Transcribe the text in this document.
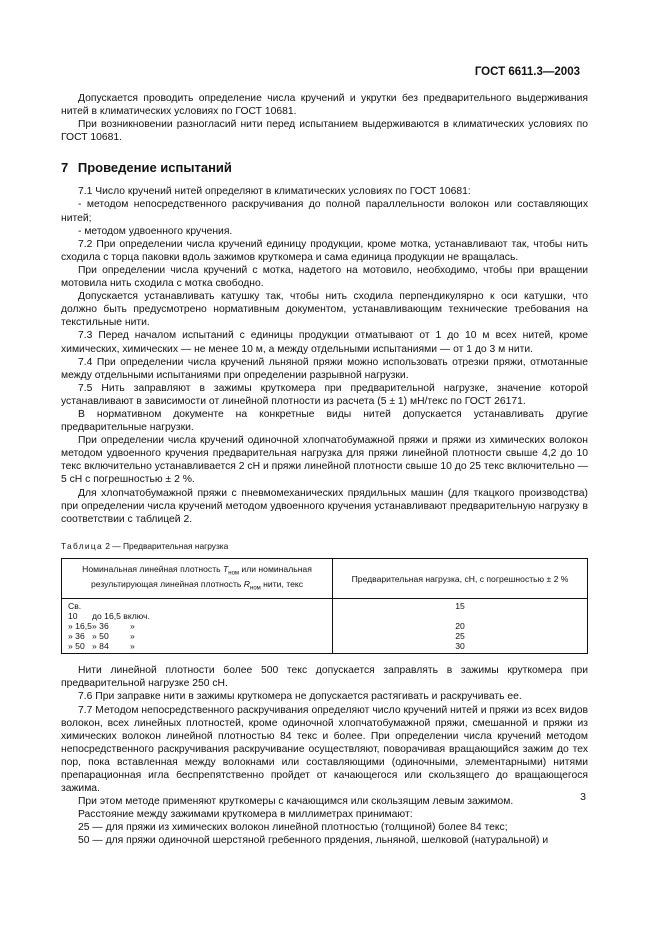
ГОСТ 6611.3—2003

Допускается проводить определение числа кручений и укрутки без предварительного выдерживания нитей в климатических условиях по ГОСТ 10681.

При возникновении разногласий нити перед испытанием выдерживаются в климатических условиях по ГОСТ 10681.

7 Проведение испытаний

7.1 Число кручений нитей определяют в климатических условиях по ГОСТ 10681:

- методом непосредственного раскручивания до полной параллельности волокон или составляющих нитей;

- методом удвоенного кручения.

7.2 При определении числа кручений единицу продукции, кроме мотка, устанавливают так, чтобы нить сходила с торца паковки вдоль зажимов круткомера и сама единица продукции не вращалась.

При определении числа кручений с мотка, надетого на мотовило, необходимо, чтобы при вращении мотовила нить сходила с мотка свободно.

Допускается устанавливать катушку так, чтобы нить сходила перпендикулярно к оси катушки, что должно быть предусмотрено нормативным документом, устанавливающим технические требования на текстильные нити.

7.3 Перед началом испытаний с единицы продукции отматывают от 1 до 10 м всех нитей, кроме химических, химических — не менее 10 м, а между отдельными испытаниями — от 1 до 3 м нити.

7.4 При определении числа кручений льняной пряжи можно использовать отрезки пряжи, отмотанные между отдельными испытаниями при определении разрывной нагрузки.

7.5 Нить заправляют в зажимы круткомера при предварительной нагрузке, значение которой устанавливают в зависимости от линейной плотности из расчета (5 ± 1) мН/текс по ГОСТ 26171.

В нормативном документе на конкретные виды нитей допускается устанавливать другие предварительные нагрузки.

При определении числа кручений одиночной хлопчатобумажной пряжи и пряжи из химических волокон методом удвоенного кручения предварительная нагрузка для пряжи линейной плотности свыше 4,2 до 10 текс включительно устанавливается 2 сН и пряжи линейной плотности свыше 10 до 25 текс включительно — 5 сН с погрешностью ± 2 %.

Для хлопчатобумажной пряжи с пневмомеханических прядильных машин (для ткацкого производства) при определении числа кручений методом удвоенного кручения устанавливают предварительную нагрузку в соответствии с таблицей 2.

Таблица 2 — Предварительная нагрузка
Номинальная линейная плотность $T_{ном}$ или номинальная результирующая линейная плотность $R_{ном}$ нити, текс	Предварительная нагрузка, сН, с погрешностью ± 2 %
Св. 10 до 16,5 включ.	15
» 16,5» 36 »	20
» 36 » 50 »	25
» 50 » 84 »	30

Нити линейной плотности более 500 текс допускается заправлять в зажимы круткомера при предварительной нагрузке 250 сН.

7.6 При заправке нити в зажимы круткомера не допускается растягивать и раскручивать ее.

7.7 Методом непосредственного раскручивания определяют число кручений нитей и пряжи из всех видов волокон, всех линейных плотностей, кроме одиночной хлопчатобумажной пряжи, смешанной и пряжи из химических волокон линейной плотностью 84 текс и более. При определении числа кручений методом непосредственного раскручивания раскручивание осуществляют, поворачивая вращающийся зажим до тех пор, пока вставленная между волокнами или составляющими (одиночными, элементарными) нитями препарационная игла беспрепятственно пройдет от качающегося или скользящего до вращающегося зажима.

При этом методе применяют круткомеры с качающимся или скользящим левым зажимом.

Расстояние между зажимами круткомера в миллиметрах принимают:

25 — для пряжи из химических волокон линейной плотностью (толщиной) более 84 текс;

50 — для пряжи одиночной шерстяной гребенного прядения, льняной, шелковой (натуральной) и

3
